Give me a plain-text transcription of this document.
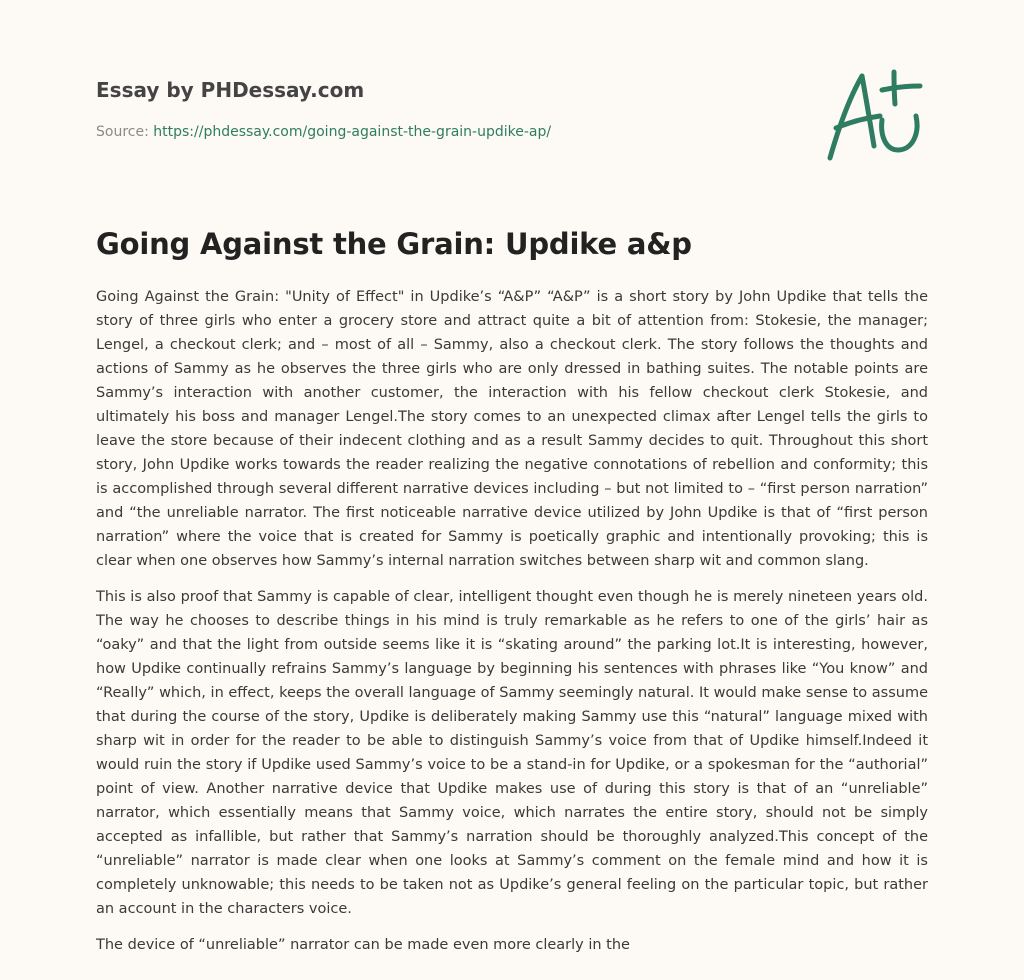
Essay by PHDessay.com
Source: https://phdessay.com/going-against-the-grain-updike-ap/
Going Against the Grain: Updike a&p

Going Against the Grain: "Unity of Effect" in Updike’s “A&P” “A&P” is a short story by John Updike that tells the story of three girls who enter a grocery store and attract quite a bit of attention from: Stokesie, the manager; Lengel, a checkout clerk; and – most of all – Sammy, also a checkout clerk. The story follows the thoughts and actions of Sammy as he observes the three girls who are only dressed in bathing suites. The notable points are Sammy’s interaction with another customer, the interaction with his fellow checkout clerk Stokesie, and ultimately his boss and manager Lengel.The story comes to an unexpected climax after Lengel tells the girls to leave the store because of their indecent clothing and as a result Sammy decides to quit. Throughout this short story, John Updike works towards the reader realizing the negative connotations of rebellion and conformity; this is accomplished through several different narrative devices including – but not limited to – “first person narration” and “the unreliable narrator. The first noticeable narrative device utilized by John Updike is that of “first person narration” where the voice that is created for Sammy is poetically graphic and intentionally provoking; this is clear when one observes how Sammy’s internal narration switches between sharp wit and common slang.

This is also proof that Sammy is capable of clear, intelligent thought even though he is merely nineteen years old. The way he chooses to describe things in his mind is truly remarkable as he refers to one of the girls’ hair as “oaky” and that the light from outside seems like it is “skating around” the parking lot.It is interesting, however, how Updike continually refrains Sammy’s language by beginning his sentences with phrases like “You know” and “Really” which, in effect, keeps the overall language of Sammy seemingly natural. It would make sense to assume that during the course of the story, Updike is deliberately making Sammy use this “natural” language mixed with sharp wit in order for the reader to be able to distinguish Sammy’s voice from that of Updike himself.Indeed it would ruin the story if Updike used Sammy’s voice to be a stand-in for Updike, or a spokesman for the “authorial” point of view. Another narrative device that Updike makes use of during this story is that of an “unreliable” narrator, which essentially means that Sammy voice, which narrates the entire story, should not be simply accepted as infallible, but rather that Sammy’s narration should be thoroughly analyzed.This concept of the “unreliable” narrator is made clear when one looks at Sammy’s comment on the female mind and how it is completely unknowable; this needs to be taken not as Updike’s general feeling on the particular topic, but rather an account in the characters voice.

The device of “unreliable” narrator can be made even more clearly in the
